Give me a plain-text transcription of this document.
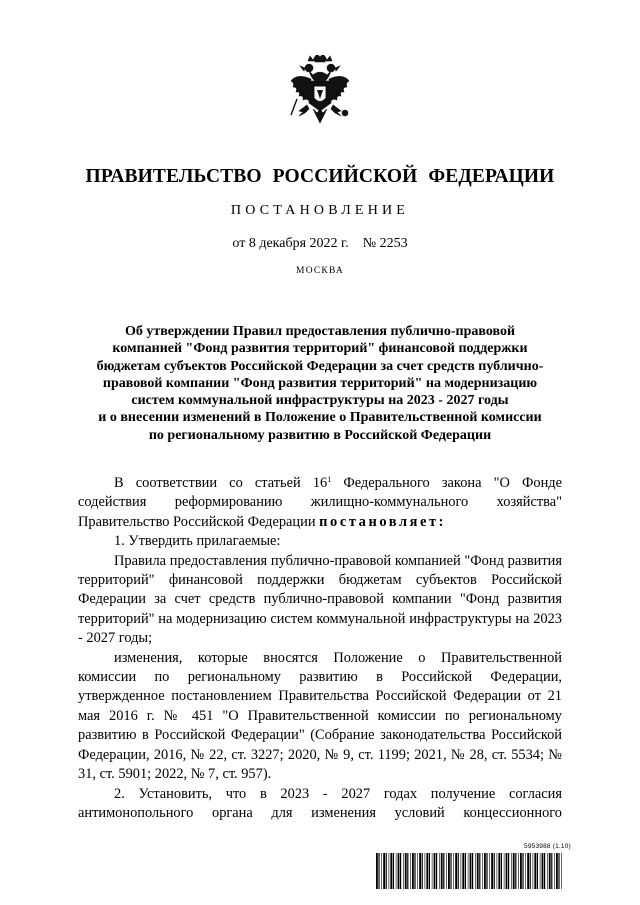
ПРАВИТЕЛЬСТВО РОССИЙСКОЙ ФЕДЕРАЦИИ
ПОСТАНОВЛЕНИЕ
от 8 декабря 2022 г. № 2253
МОСКВА
Об утверждении Правил предоставления публично-правовой
компанией "Фонд развития территорий" финансовой поддержки
бюджетам субъектов Российской Федерации за счет средств публично-
правовой компании "Фонд развития территорий" на модернизацию
систем коммунальной инфраструктуры на 2023 - 2027 годы
и о внесении изменений в Положение о Правительственной комиссии
по региональному развитию в Российской Федерации
В соответствии со статьей $16^1$ Федерального закона "О Фонде содействия реформированию жилищно-коммунального хозяйства" Правительство Российской Федерации постановляет:
1. Утвердить прилагаемые:
Правила предоставления публично-правовой компанией "Фонд развития территорий" финансовой поддержки бюджетам субъектов Российской Федерации за счет средств публично-правовой компании "Фонд развития территорий" на модернизацию систем коммунальной инфраструктуры на 2023 - 2027 годы;
изменения, которые вносятся Положение о Правительственной комиссии по региональному развитию в Российской Федерации, утвержденное постановлением Правительства Российской Федерации от 21 мая 2016 г. № 451 "О Правительственной комиссии по региональному развитию в Российской Федерации" (Собрание законодательства Российской Федерации, 2016, № 22, ст. 3227; 2020, № 9, ст. 1199; 2021, № 28, ст. 5534; № 31, ст. 5901; 2022, № 7, ст. 957).
2. Установить, что в 2023 - 2027 годах получение согласия антимонопольного органа для изменения условий концессионного
5953988 (1.10)
